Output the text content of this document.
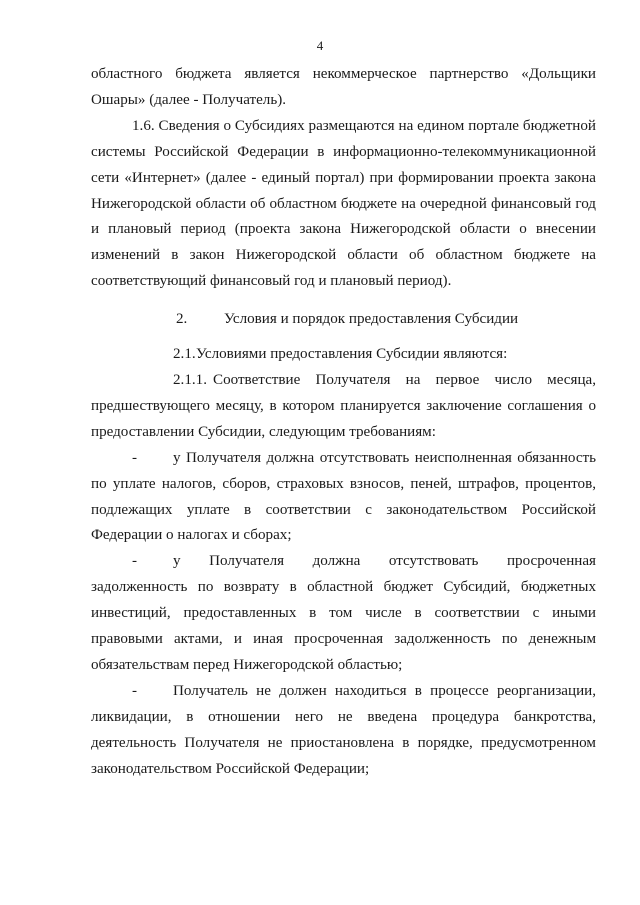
4

областного бюджета является некоммерческое партнерство «Дольщики Ошары» (далее - Получатель).

1.6. Сведения о Субсидиях размещаются на едином портале бюджетной системы Российской Федерации в информационно-телекоммуникационной сети «Интернет» (далее - единый портал) при формировании проекта закона Нижегородской области об областном бюджете на очередной финансовый год и плановый период (проекта закона Нижегородской области о внесении изменений в закон Нижегородской области об областном бюджете на соответствующий финансовый год и плановый период).

2. Условия и порядок предоставления Субсидии

2.1.Условиями предоставления Субсидии являются:

2.1.1. Соответствие Получателя на первое число месяца, предшествующего месяцу, в котором планируется заключение соглашения о предоставлении Субсидии, следующим требованиям:

- у Получателя должна отсутствовать неисполненная обязанность по уплате налогов, сборов, страховых взносов, пеней, штрафов, процентов, подлежащих уплате в соответствии с законодательством Российской Федерации о налогах и сборах;

- у Получателя должна отсутствовать просроченная задолженность по возврату в областной бюджет Субсидий, бюджетных инвестиций, предоставленных в том числе в соответствии с иными правовыми актами, и иная просроченная задолженность по денежным обязательствам перед Нижегородской областью;

- Получатель не должен находиться в процессе реорганизации, ликвидации, в отношении него не введена процедура банкротства, деятельность Получателя не приостановлена в порядке, предусмотренном законодательством Российской Федерации;
